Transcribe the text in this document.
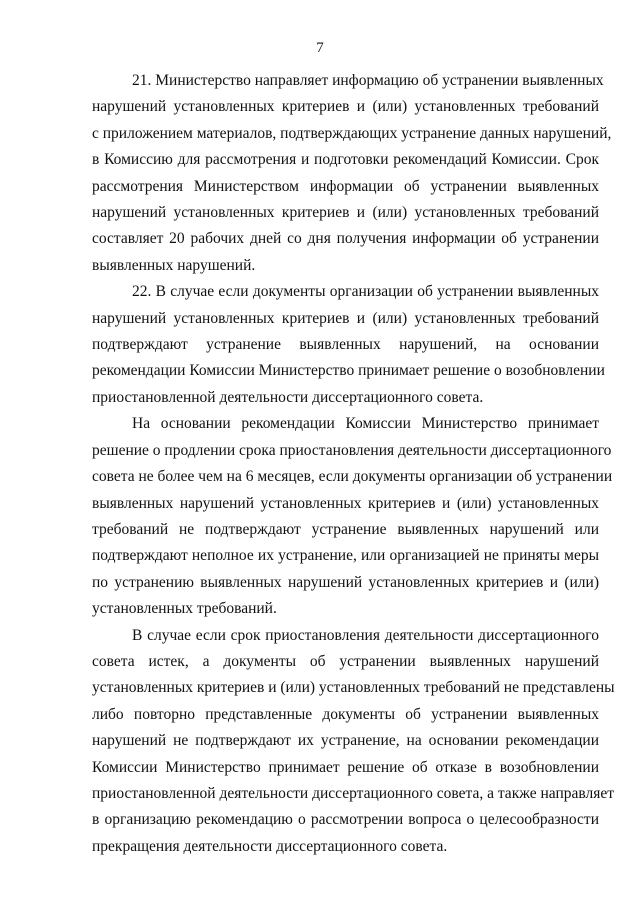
7
21. Министерство направляет информацию об устранении выявленных
нарушений установленных критериев и (или) установленных требований
с приложением материалов, подтверждающих устранение данных нарушений,
в Комиссию для рассмотрения и подготовки рекомендаций Комиссии. Срок
рассмотрения Министерством информации об устранении выявленных
нарушений установленных критериев и (или) установленных требований
составляет 20 рабочих дней со дня получения информации об устранении
выявленных нарушений.
22. В случае если документы организации об устранении выявленных
нарушений установленных критериев и (или) установленных требований
подтверждают устранение выявленных нарушений, на основании
рекомендации Комиссии Министерство принимает решение о возобновлении
приостановленной деятельности диссертационного совета.
На основании рекомендации Комиссии Министерство принимает
решение о продлении срока приостановления деятельности диссертационного
совета не более чем на 6 месяцев, если документы организации об устранении
выявленных нарушений установленных критериев и (или) установленных
требований не подтверждают устранение выявленных нарушений или
подтверждают неполное их устранение, или организацией не приняты меры
по устранению выявленных нарушений установленных критериев и (или)
установленных требований.
В случае если срок приостановления деятельности диссертационного
совета истек, а документы об устранении выявленных нарушений
установленных критериев и (или) установленных требований не представлены
либо повторно представленные документы об устранении выявленных
нарушений не подтверждают их устранение, на основании рекомендации
Комиссии Министерство принимает решение об отказе в возобновлении
приостановленной деятельности диссертационного совета, а также направляет
в организацию рекомендацию о рассмотрении вопроса о целесообразности
прекращения деятельности диссертационного совета.
